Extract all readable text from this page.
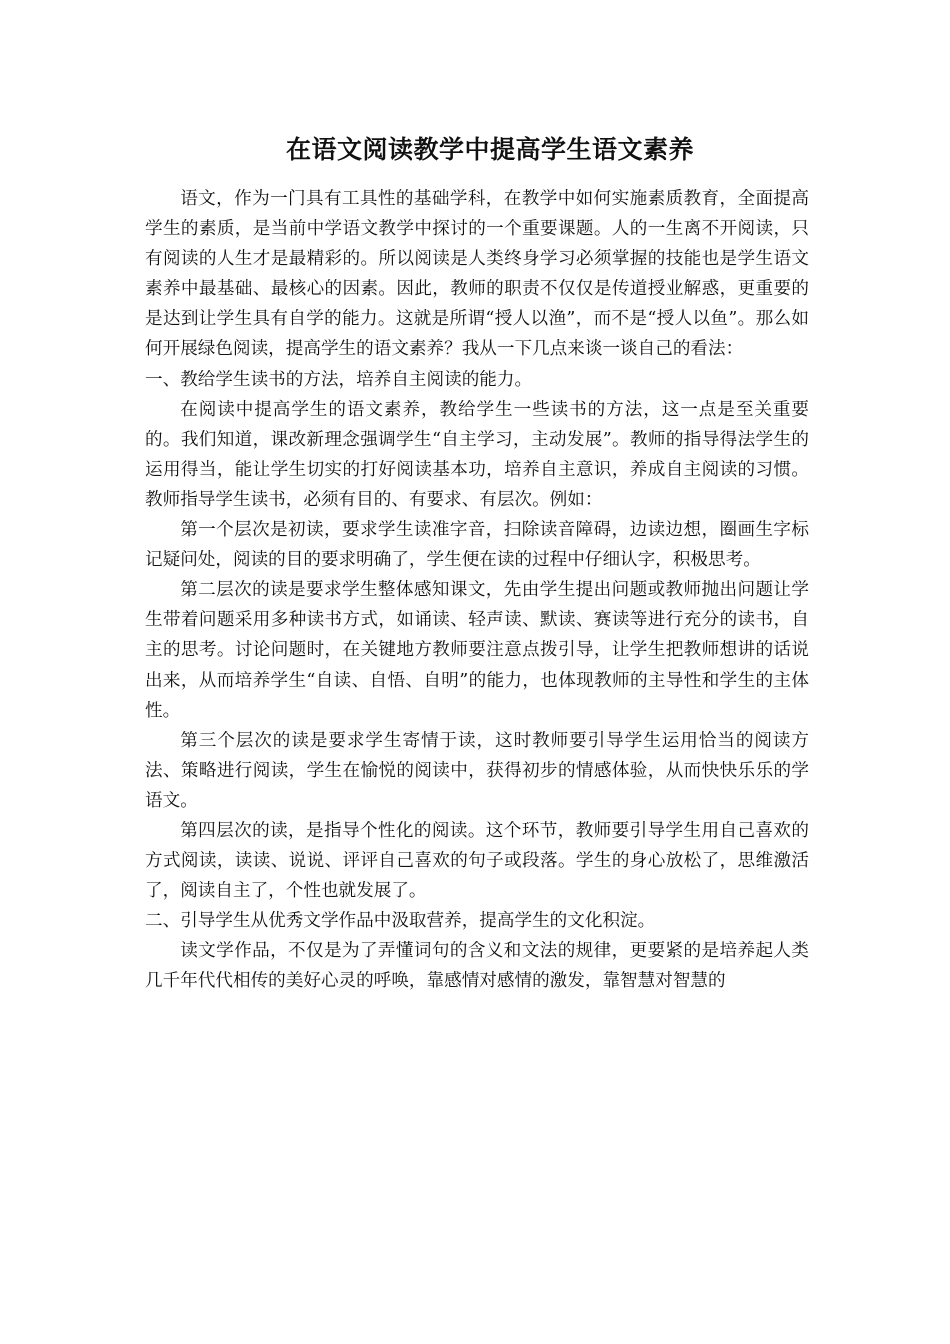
在语文阅读教学中提高学生语文素养

语文，作为一门具有工具性的基础学科，在教学中如何实施素质教育，全面提高学生的素质，是当前中学语文教学中探讨的一个重要课题。人的一生离不开阅读，只有阅读的人生才是最精彩的。所以阅读是人类终身学习必须掌握的技能也是学生语文素养中最基础、最核心的因素。因此，教师的职责不仅仅是传道授业解惑，更重要的是达到让学生具有自学的能力。这就是所谓“授人以渔”，而不是“授人以鱼”。那么如何开展绿色阅读，提高学生的语文素养？我从一下几点来谈一谈自己的看法：

一、教给学生读书的方法，培养自主阅读的能力。

在阅读中提高学生的语文素养，教给学生一些读书的方法，这一点是至关重要的。我们知道，课改新理念强调学生“自主学习，主动发展”。教师的指导得法学生的运用得当，能让学生切实的打好阅读基本功，培养自主意识，养成自主阅读的习惯。教师指导学生读书，必须有目的、有要求、有层次。例如：

第一个层次是初读，要求学生读准字音，扫除读音障碍，边读边想，圈画生字标记疑问处，阅读的目的要求明确了，学生便在读的过程中仔细认字，积极思考。

第二层次的读是要求学生整体感知课文，先由学生提出问题或教师抛出问题让学生带着问题采用多种读书方式，如诵读、轻声读、默读、赛读等进行充分的读书，自主的思考。讨论问题时，在关键地方教师要注意点拨引导，让学生把教师想讲的话说出来，从而培养学生“自读、自悟、自明”的能力，也体现教师的主导性和学生的主体性。

第三个层次的读是要求学生寄情于读，这时教师要引导学生运用恰当的阅读方法、策略进行阅读，学生在愉悦的阅读中，获得初步的情感体验，从而快快乐乐的学语文。

第四层次的读，是指导个性化的阅读。这个环节，教师要引导学生用自己喜欢的方式阅读，读读、说说、评评自己喜欢的句子或段落。学生的身心放松了，思维激活了，阅读自主了，个性也就发展了。

二、引导学生从优秀文学作品中汲取营养，提高学生的文化积淀。

读文学作品，不仅是为了弄懂词句的含义和文法的规律，更要紧的是培养起人类几千年代代相传的美好心灵的呼唤，靠感情对感情的激发，靠智慧对智慧的
